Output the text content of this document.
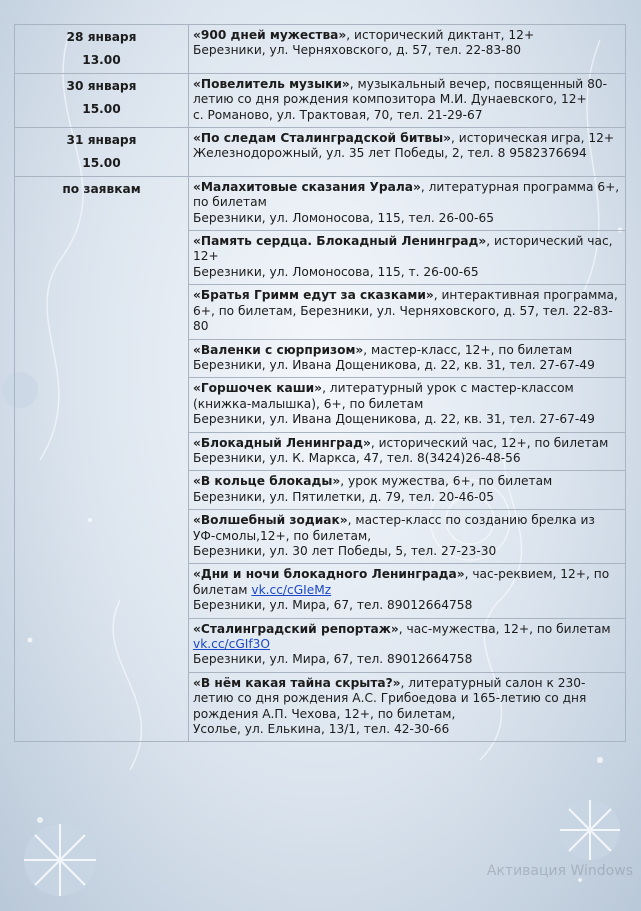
28 января
13.00	«900 дней мужества», исторический диктант, 12+
Березники, ул. Черняховского, д. 57, тел. 22-83-80

30 января
15.00	«Повелитель музыки», музыкальный вечер, посвященный 80-летию со дня рождения композитора М.И. Дунаевского, 12+
с. Романово, ул. Трактовая, 70, тел. 21-29-67

31 января
15.00	«По следам Сталинградской битвы», историческая игра, 12+
Железнодорожный, ул. 35 лет Победы, 2, тел. 8 9582376694

по заявкам	«Малахитовые сказания Урала», литературная программа 6+, по билетам
Березники, ул. Ломоносова, 115, тел. 26-00-65
	«Память сердца. Блокадный Ленинград», исторический час, 12+
Березники, ул. Ломоносова, 115, т. 26-00-65
	«Братья Гримм едут за сказками», интерактивная программа, 6+, по билетам, Березники, ул. Черняховского, д. 57, тел. 22-83-80
	«Валенки с сюрпризом», мастер-класс, 12+, по билетам
Березники, ул. Ивана Дощеникова, д. 22, кв. 31, тел. 27-67-49
	«Горшочек каши», литературный урок с мастер-классом (книжка-малышка), 6+, по билетам
Березники, ул. Ивана Дощеникова, д. 22, кв. 31, тел. 27-67-49
	«Блокадный Ленинград», исторический час, 12+, по билетам
Березники, ул. К. Маркса, 47, тел. 8(3424)26-48-56
	«В кольце блокады», урок мужества, 6+, по билетам
Березники, ул. Пятилетки, д. 79, тел. 20-46-05
	«Волшебный зодиак», мастер-класс по созданию брелка из УФ-смолы,12+, по билетам,
Березники, ул. 30 лет Победы, 5, тел. 27-23-30
	«Дни и ночи блокадного Ленинграда», час-реквием, 12+, по билетам vk.cc/cGIeMz
Березники, ул. Мира, 67, тел. 89012664758
	«Сталинградский репортаж», час-мужества, 12+, по билетам vk.cc/cGIf3O
Березники, ул. Мира, 67, тел. 89012664758
	«В нём какая тайна скрыта?», литературный салон к 230-летию со дня рождения А.С. Грибоедова и 165-летию со дня рождения А.П. Чехова, 12+, по билетам,
Усолье, ул. Елькина, 13/1, тел. 42-30-66
Активация Windows
